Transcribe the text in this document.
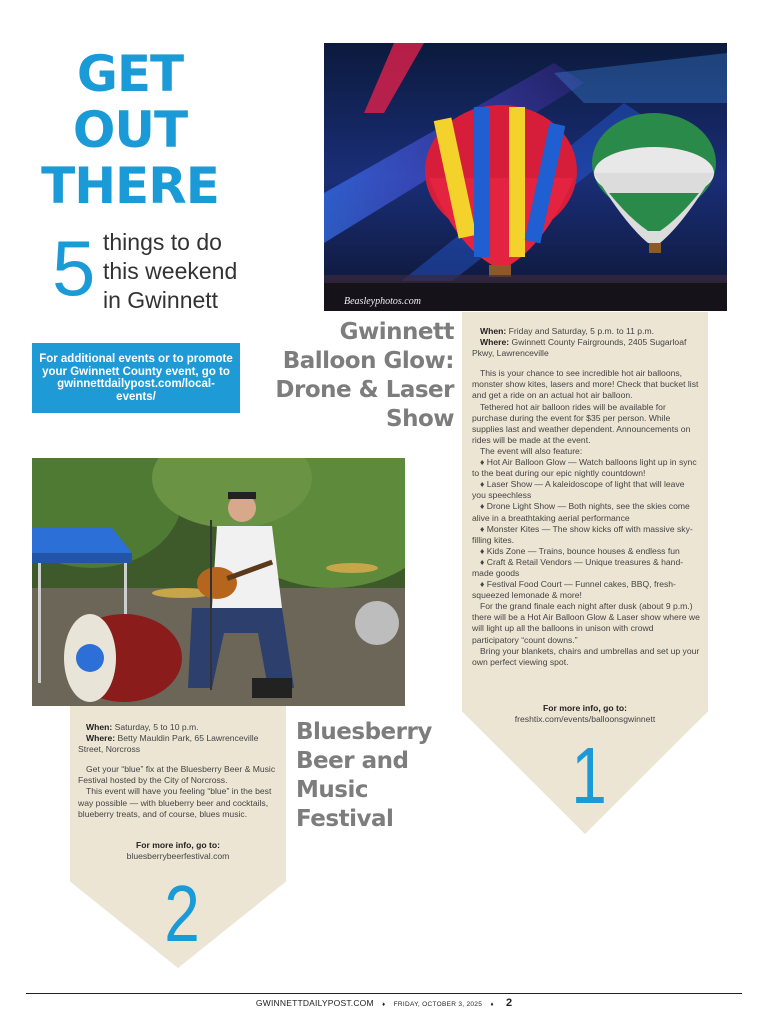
GET
OUT
THERE
5 things to do
this weekend
in Gwinnett
For additional events or to promote your Gwinnett County event, go to gwinnettdailypost.com/local-events/
Beasleyphotos.com
Gwinnett
Balloon Glow:
Drone & Laser
Show

When: Friday and Saturday, 5 p.m. to 11 p.m.

Where: Gwinnett County Fairgrounds, 2405 Sugarloaf Pkwy, Lawrenceville

This is your chance to see incredible hot air balloons, monster show kites, lasers and more! Check that bucket list and get a ride on an actual hot air balloon.

Tethered hot air balloon rides will be available for purchase during the event for $35 per person. While supplies last and weather dependent. Announcements on rides will be made at the event.

The event will also feature:

♦ Hot Air Balloon Glow — Watch balloons light up in sync to the beat during our epic nightly countdown!

♦ Laser Show — A kaleidoscope of light that will leave you speechless

♦ Drone Light Show — Both nights, see the skies come alive in a breathtaking aerial performance

♦ Monster Kites — The show kicks off with massive sky-filling kites.

♦ Kids Zone — Trains, bounce houses & endless fun

♦ Craft & Retail Vendors — Unique treasures & hand-made goods

♦ Festival Food Court — Funnel cakes, BBQ, fresh-squeezed lemonade & more!

For the grand finale each night after dusk (about 9 p.m.) there will be a Hot Air Balloon Glow & Laser show where we will light up all the balloons in unison with crowd participatory “count downs.”

Bring your blankets, chairs and umbrellas and set up your own perfect viewing spot.

For more info, go to:
freshtix.com/events/balloonsgwinnett
1

When: Saturday, 5 to 10 p.m.

Where: Betty Mauldin Park, 65 Lawrenceville Street, Norcross

Get your “blue” fix at the Bluesberry Beer & Music Festival hosted by the City of Norcross.

This event will have you feeling “blue” in the best way possible — with blueberry beer and cocktails, blueberry treats, and of course, blues music.

For more info, go to:
bluesberrybeerfestival.com
2
Bluesberry
Beer and
Music
Festival
GWINNETTDAILYPOST.COM ♦ FRIDAY, OCTOBER 3, 2025 ♦ 2
